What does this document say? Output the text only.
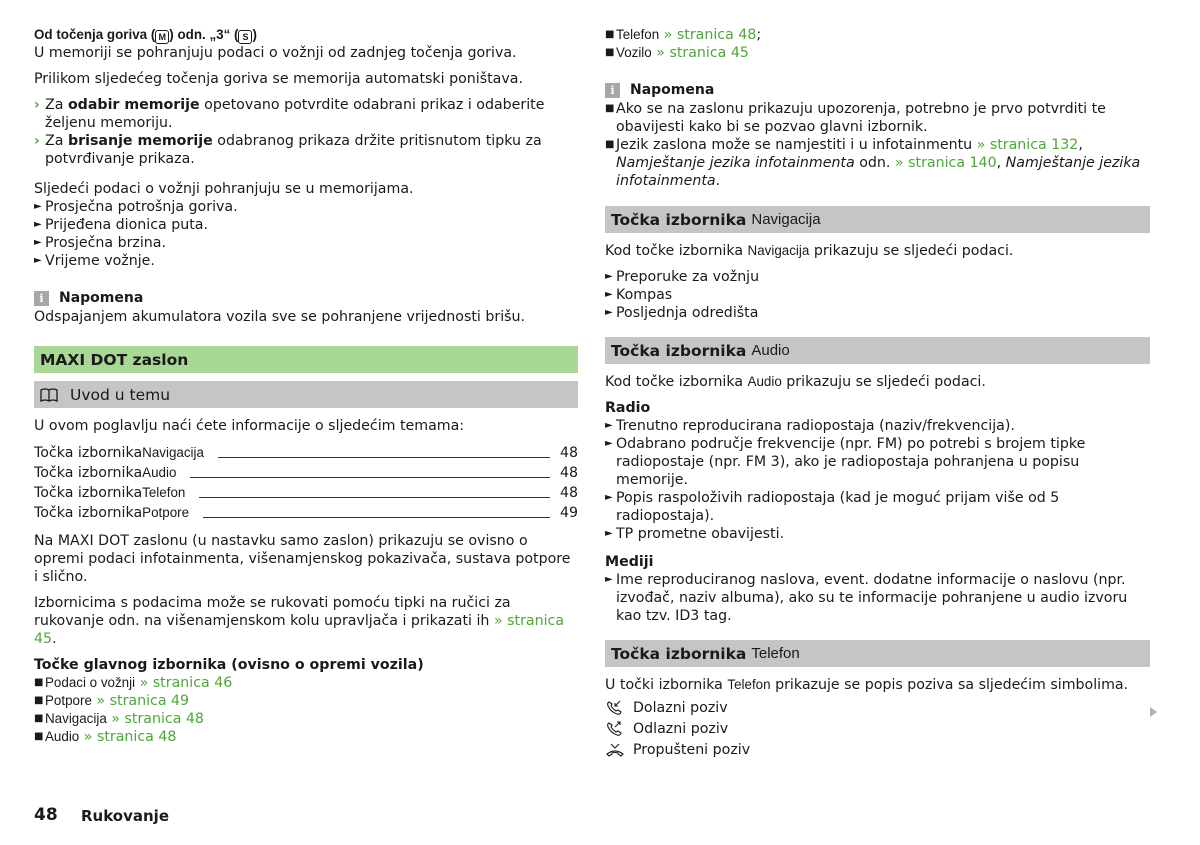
Od točenja goriva ( M ) odn. „3“ ( S )

U memoriji se pohranjuju podaci o vožnji od zadnjeg točenja goriva.

Prilikom sljedećeg točenja goriva se memorija automatski poništava.

› Za odabir memorije opetovano potvrdite odabrani prikaz i odaberite željenu memoriju.
› Za brisanje memorije odabranog prikaza držite pritisnutom tipku za potvrđivanje prikaza.

Sljedeći podaci o vožnji pohranjuju se u memorijama.

► Prosječna potrošnja goriva.
► Prijeđena dionica puta.
► Prosječna brzina.
► Vrijeme vožnje.
i	Napomena

Odspajanjem akumulatora vozila sve se pohranjene vrijednosti brišu.

MAXI DOT zaslon
Uvod u temu

U ovom poglavlju naći ćete informacije o sljedećim temama:

Točka izbornika Navigacija	48
Točka izbornika Audio	48
Točka izbornika Telefon	48
Točka izbornika Potpore	49

Na MAXI DOT zaslonu (u nastavku samo zaslon) prikazuju se ovisno o opremi podaci infotainmenta, višenamjenskog pokazivača, sustava potpore i slično.

Izbornicima s podacima može se rukovati pomoću tipki na ručici za rukovanje odn. na višenamjenskom kolu upravljača i prikazati ih » stranica 45.

Točke glavnog izbornika (ovisno o opremi vozila)

■ Podaci o vožnji » stranica 46
■ Potpore » stranica 49
■ Navigacija » stranica 48
■ Audio » stranica 48
■ Telefon » stranica 48;
■ Vozilo » stranica 45
i	Napomena
■ Ako se na zaslonu prikazuju upozorenja, potrebno je prvo potvrditi te obavijesti kako bi se pozvao glavni izbornik.
■ Jezik zaslona može se namjestiti i u infotainmentu » stranica 132, Namještanje jezika infotainmenta odn. » stranica 140, Namještanje jezika infotainmenta.
Točka izbornika Navigacija

Kod točke izbornika Navigacija prikazuju se sljedeći podaci.

► Preporuke za vožnju
► Kompas
► Posljednja odredišta
Točka izbornika Audio

Kod točke izbornika Audio prikazuju se sljedeći podaci.

Radio

► Trenutno reproducirana radiopostaja (naziv/frekvencija).
► Odabrano područje frekvencije (npr. FM) po potrebi s brojem tipke radiopostaje (npr. FM 3), ako je radiopostaja pohranjena u popisu memorije.
► Popis raspoloživih radiopostaja (kad je moguć prijam više od 5 radiopostaja).
► TP prometne obavijesti.

Mediji

► Ime reproduciranog naslova, event. dodatne informacije o naslovu (npr. izvođač, naziv albuma), ako su te informacije pohranjene u audio izvoru kao tzv. ID3 tag.
Točka izbornika Telefon

U točki izbornika Telefon prikazuje se popis poziva sa sljedećim simbolima.

Dolazni poziv
Odlazni poziv
Propušteni poziv
48 Rukovanje
